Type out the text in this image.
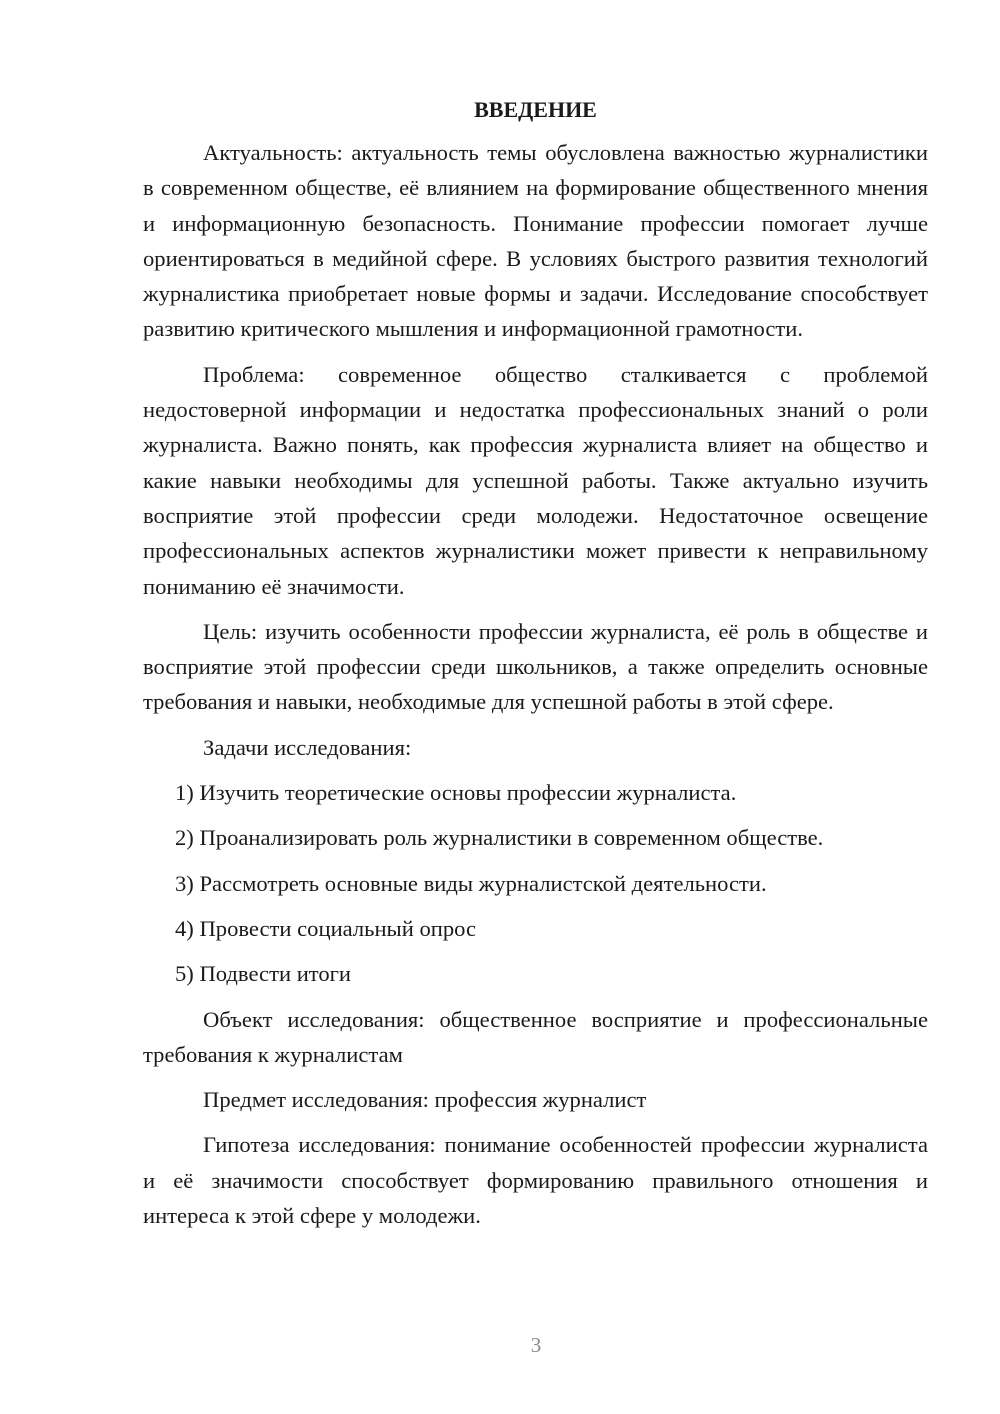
ВВЕДЕНИЕ

Актуальность: актуальность темы обусловлена важностью журналистики в современном обществе, её влиянием на формирование общественного мнения и информационную безопасность. Понимание профессии помогает лучше ориентироваться в медийной сфере. В условиях быстрого развития технологий журналистика приобретает новые формы и задачи. Исследование способствует развитию критического мышления и информационной грамотности.

Проблема: современное общество сталкивается с проблемой недостоверной информации и недостатка профессиональных знаний о роли журналиста. Важно понять, как профессия журналиста влияет на общество и какие навыки необходимы для успешной работы. Также актуально изучить восприятие этой профессии среди молодежи. Недостаточное освещение профессиональных аспектов журналистики может привести к неправильному пониманию её значимости.

Цель: изучить особенности профессии журналиста, её роль в обществе и восприятие этой профессии среди школьников, а также определить основные требования и навыки, необходимые для успешной работы в этой сфере.

Задачи исследования:

1) Изучить теоретические основы профессии журналиста.

2) Проанализировать роль журналистики в современном обществе.

3) Рассмотреть основные виды журналистской деятельности.

4) Провести социальный опрос

5) Подвести итоги

Объект исследования: общественное восприятие и профессиональные требования к журналистам

Предмет исследования: профессия журналист

Гипотеза исследования: понимание особенностей профессии журналиста и её значимости способствует формированию правильного отношения и интереса к этой сфере у молодежи.

3
